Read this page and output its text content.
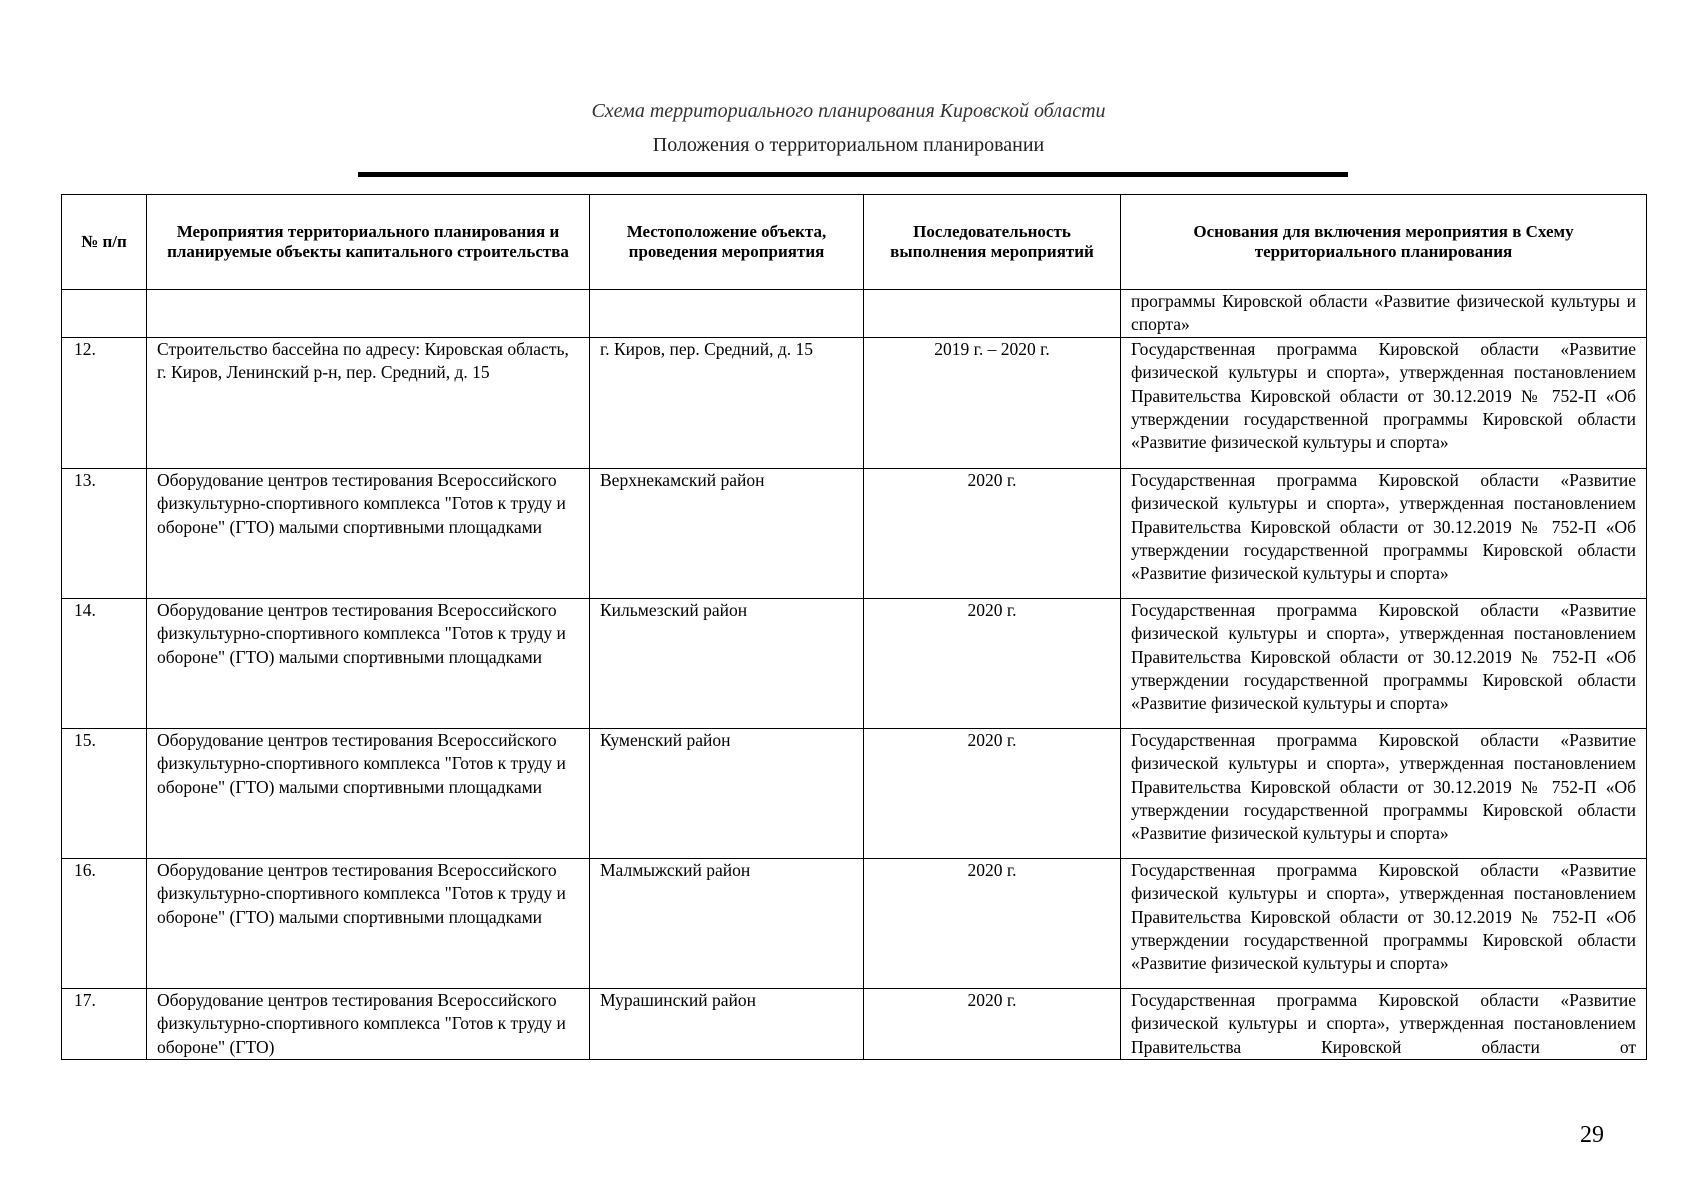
Схема территориального планирования Кировской области
Положения о территориальном планировании
№ п/п	Мероприятия территориального планирования и планируемые объекты капитального строительства	Местоположение объекта, проведения мероприятия	Последовательность выполнения мероприятий	Основания для включения мероприятия в Схему территориального планирования

				программы Кировской области «Развитие физической культуры и спорта»

12.	Строительство бассейна по адресу: Кировская область, г. Киров, Ленинский р-н, пер. Средний, д. 15	г. Киров, пер. Средний, д. 15	2019 г. – 2020 г.	Государственная программа Кировской области «Развитие физической культуры и спорта», утвержденная постановлением Правительства Кировской области от 30.12.2019 № 752-П «Об утверждении государственной программы Кировской области «Развитие физической культуры и спорта»

13.	Оборудование центров тестирования Всероссийского физкультурно-спортивного комплекса "Готов к труду и обороне" (ГТО) малыми спортивными площадками	Верхнекамский район	2020 г.	Государственная программа Кировской области «Развитие физической культуры и спорта», утвержденная постановлением Правительства Кировской области от 30.12.2019 № 752-П «Об утверждении государственной программы Кировской области «Развитие физической культуры и спорта»

14.	Оборудование центров тестирования Всероссийского физкультурно-спортивного комплекса "Готов к труду и обороне" (ГТО) малыми спортивными площадками	Кильмезский район	2020 г.	Государственная программа Кировской области «Развитие физической культуры и спорта», утвержденная постановлением Правительства Кировской области от 30.12.2019 № 752-П «Об утверждении государственной программы Кировской области «Развитие физической культуры и спорта»

15.	Оборудование центров тестирования Всероссийского физкультурно-спортивного комплекса "Готов к труду и обороне" (ГТО) малыми спортивными площадками	Куменский район	2020 г.	Государственная программа Кировской области «Развитие физической культуры и спорта», утвержденная постановлением Правительства Кировской области от 30.12.2019 № 752-П «Об утверждении государственной программы Кировской области «Развитие физической культуры и спорта»

16.	Оборудование центров тестирования Всероссийского физкультурно-спортивного комплекса "Готов к труду и обороне" (ГТО) малыми спортивными площадками	Малмыжский район	2020 г.	Государственная программа Кировской области «Развитие физической культуры и спорта», утвержденная постановлением Правительства Кировской области от 30.12.2019 № 752-П «Об утверждении государственной программы Кировской области «Развитие физической культуры и спорта»

17.	Оборудование центров тестирования Всероссийского физкультурно-спортивного комплекса "Готов к труду и обороне" (ГТО)	Мурашинский район	2020 г.	Государственная программа Кировской области «Развитие физической культуры и спорта», утвержденная постановлением Правительства Кировской области от
29
